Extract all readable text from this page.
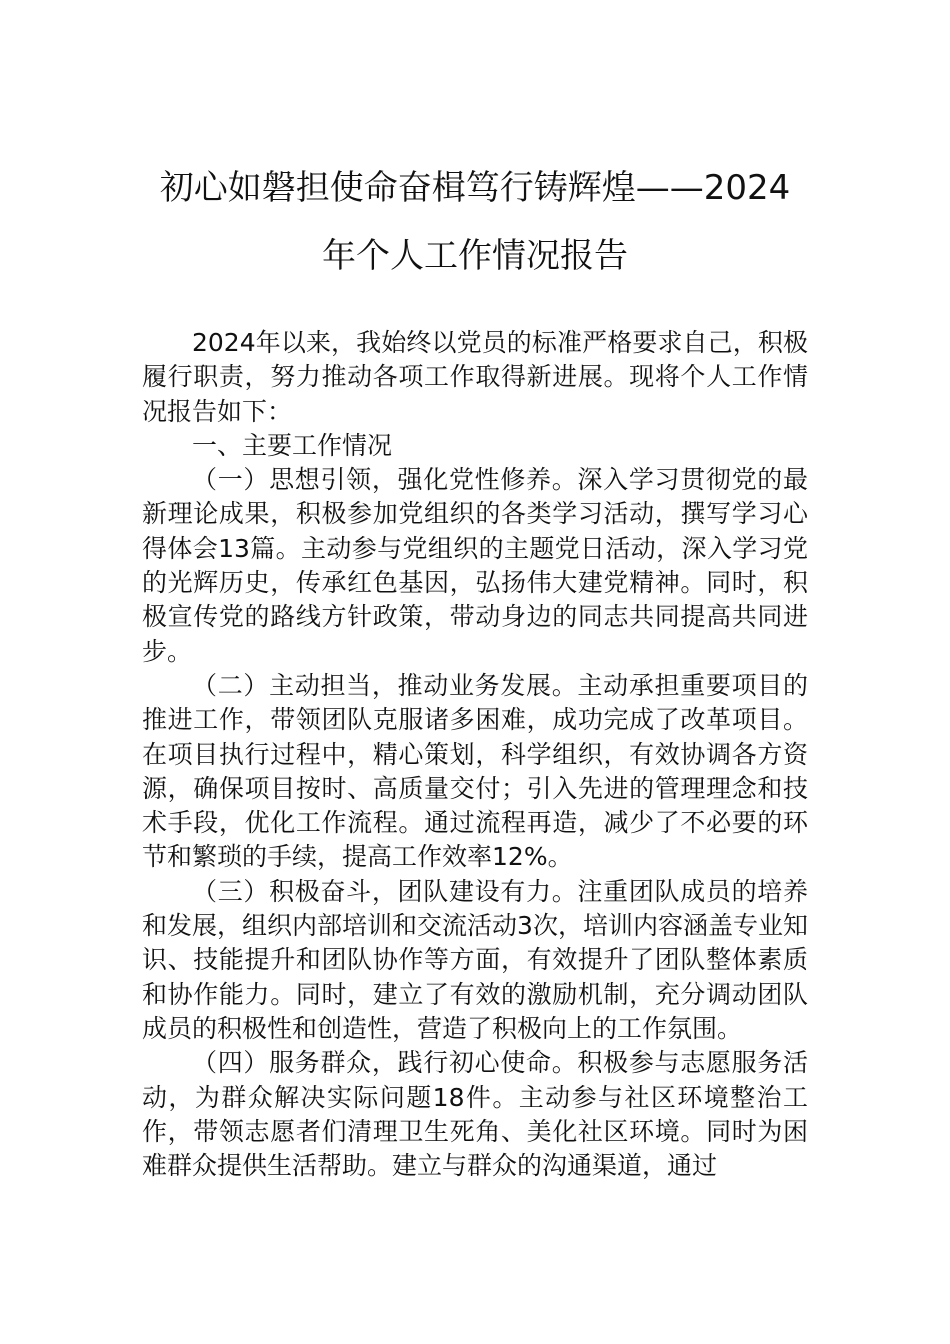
初心如磐担使命奋楫笃行铸辉煌——2024
年个人工作情况报告

2024年以来，我始终以党员的标准严格要求自己，积极履行职责，努力推动各项工作取得新进展。现将个人工作情况报告如下：

一、主要工作情况

（一）思想引领，强化党性修养。深入学习贯彻党的最新理论成果，积极参加党组织的各类学习活动，撰写学习心得体会13篇。主动参与党组织的主题党日活动，深入学习党的光辉历史，传承红色基因，弘扬伟大建党精神。同时，积极宣传党的路线方针政策，带动身边的同志共同提高共同进步。

（二）主动担当，推动业务发展。主动承担重要项目的推进工作，带领团队克服诸多困难，成功完成了改革项目。在项目执行过程中，精心策划，科学组织，有效协调各方资源，确保项目按时、高质量交付；引入先进的管理理念和技术手段，优化工作流程。通过流程再造，减少了不必要的环节和繁琐的手续，提高工作效率12%。

（三）积极奋斗，团队建设有力。注重团队成员的培养和发展，组织内部培训和交流活动3次，培训内容涵盖专业知识、技能提升和团队协作等方面，有效提升了团队整体素质和协作能力。同时，建立了有效的激励机制，充分调动团队成员的积极性和创造性，营造了积极向上的工作氛围。

（四）服务群众，践行初心使命。积极参与志愿服务活动，为群众解决实际问题18件。主动参与社区环境整治工作，带领志愿者们清理卫生死角、美化社区环境。同时为困难群众提供生活帮助。建立与群众的沟通渠道，通过
